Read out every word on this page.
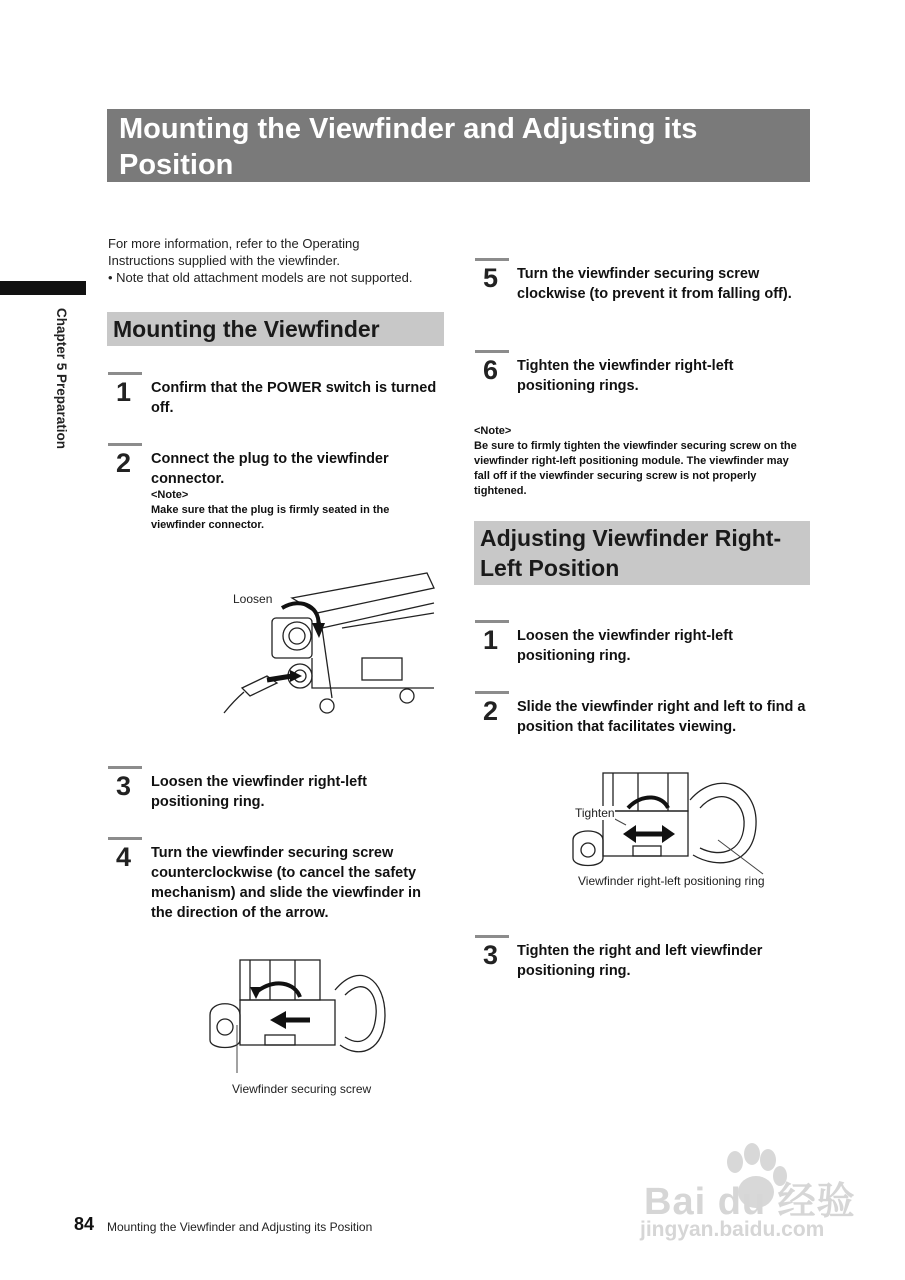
Chapter 5 Preparation
Mounting the Viewfinder and Adjusting its Position
For more information, refer to the Operating
Instructions supplied with the viewfinder.
• Note that old attachment models are not supported.
Mounting the Viewfinder
1	Confirm that the POWER switch is turned off.
2	Connect the plug to the viewfinder connector.
<Note>
Make sure that the plug is firmly seated in the viewfinder connector.
Loosen
3	Loosen the viewfinder right-left positioning ring.
4	Turn the viewfinder securing screw counterclockwise (to cancel the safety mechanism) and slide the viewfinder in the direction of the arrow.
Viewfinder securing screw
5	Turn the viewfinder securing screw clockwise (to prevent it from falling off).
6	Tighten the viewfinder right-left positioning rings.
<Note>
Be sure to firmly tighten the viewfinder securing screw on the viewfinder right-left positioning module. The viewfinder may fall off if the viewfinder securing screw is not properly tightened.
Adjusting Viewfinder Right-Left Position
1	Loosen the viewfinder right-left positioning ring.
2	Slide the viewfinder right and left to find a position that facilitates viewing.
Tighten
Viewfinder right-left positioning ring
3	Tighten the right and left viewfinder positioning ring.
Bai du 经验
jingyan.baidu.com
84 Mounting the Viewfinder and Adjusting its Position
